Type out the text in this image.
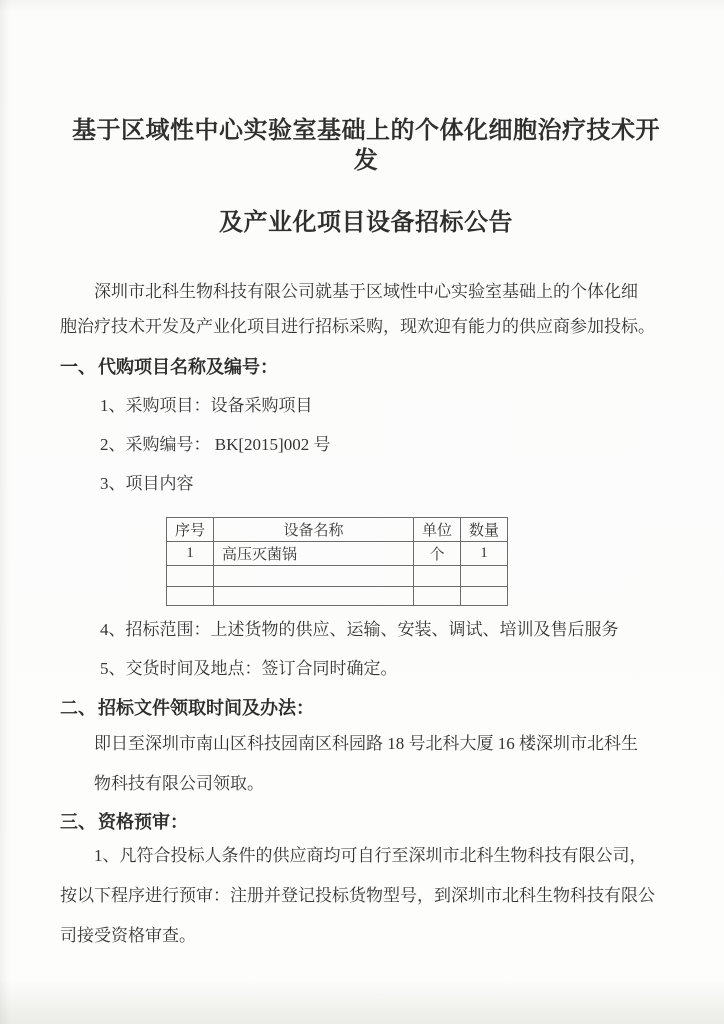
基于区域性中心实验室基础上的个体化细胞治疗技术开发
及产业化项目设备招标公告
深圳市北科生物科技有限公司就基于区域性中心实验室基础上的个体化细
胞治疗技术开发及产业化项目进行招标采购，现欢迎有能力的供应商参加投标。
一、 代购项目名称及编号：
1、采购项目：设备采购项目
2、采购编号： BK[2015]002 号
3、项目内容
序号	设备名称	单位	数量
1	高压灭菌锅	个	1

4、招标范围：上述货物的供应、运输、安装、调试、培训及售后服务
5、交货时间及地点：签订合同时确定。
二、 招标文件领取时间及办法：
即日至深圳市南山区科技园南区科园路 18 号北科大厦 16 楼深圳市北科生
物科技有限公司领取。
三、 资格预审：
1、凡符合投标人条件的供应商均可自行至深圳市北科生物科技有限公司，
按以下程序进行预审：注册并登记投标货物型号，到深圳市北科生物科技有限公
司接受资格审查。
